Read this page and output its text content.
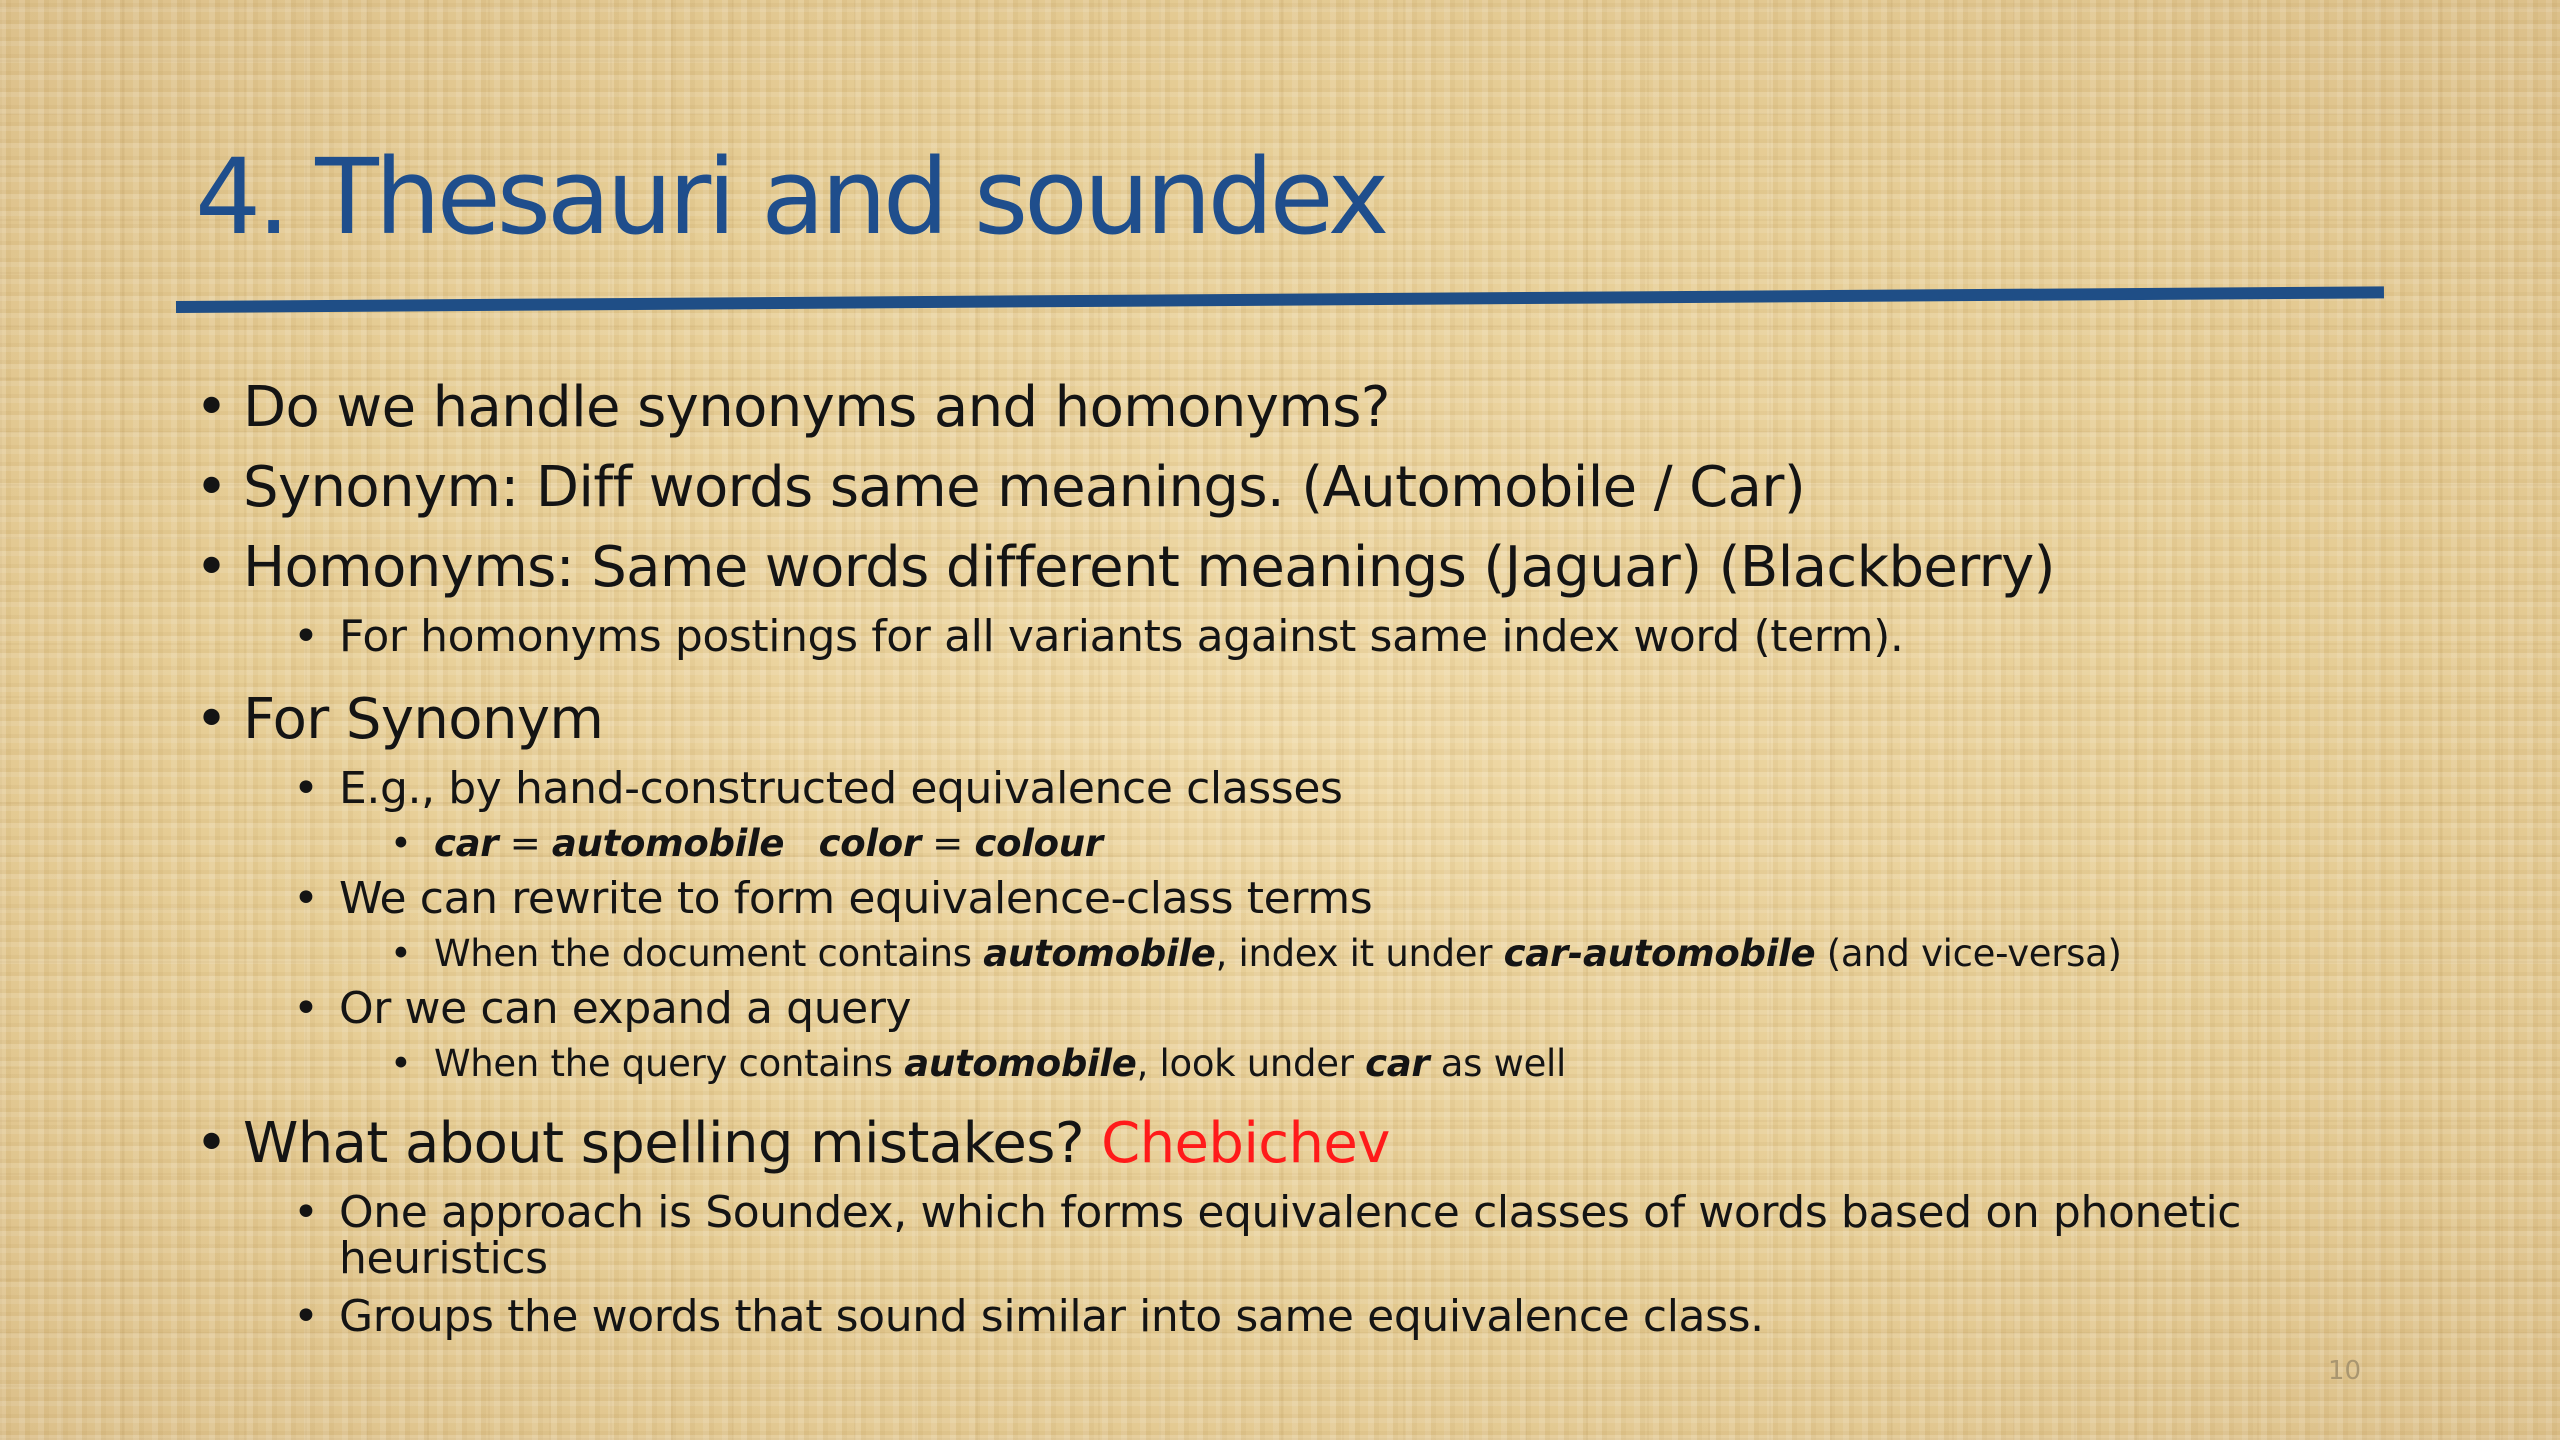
4. Thesauri and soundex
• Do we handle synonyms and homonyms?
• Synonym: Diff words same meanings. (Automobile / Car)
• Homonyms: Same words different meanings (Jaguar) (Blackberry)
• For homonyms postings for all variants against same index word (term).
• For Synonym
• E.g., by hand-constructed equivalence classes
• car = automobile color = colour
• We can rewrite to form equivalence-class terms
• When the document contains automobile, index it under car-automobile (and vice-versa)
• Or we can expand a query
• When the query contains automobile, look under car as well
• What about spelling mistakes? Chebichev
• One approach is Soundex, which forms equivalence classes of words based on phonetic heuristics
• Groups the words that sound similar into same equivalence class.
10
